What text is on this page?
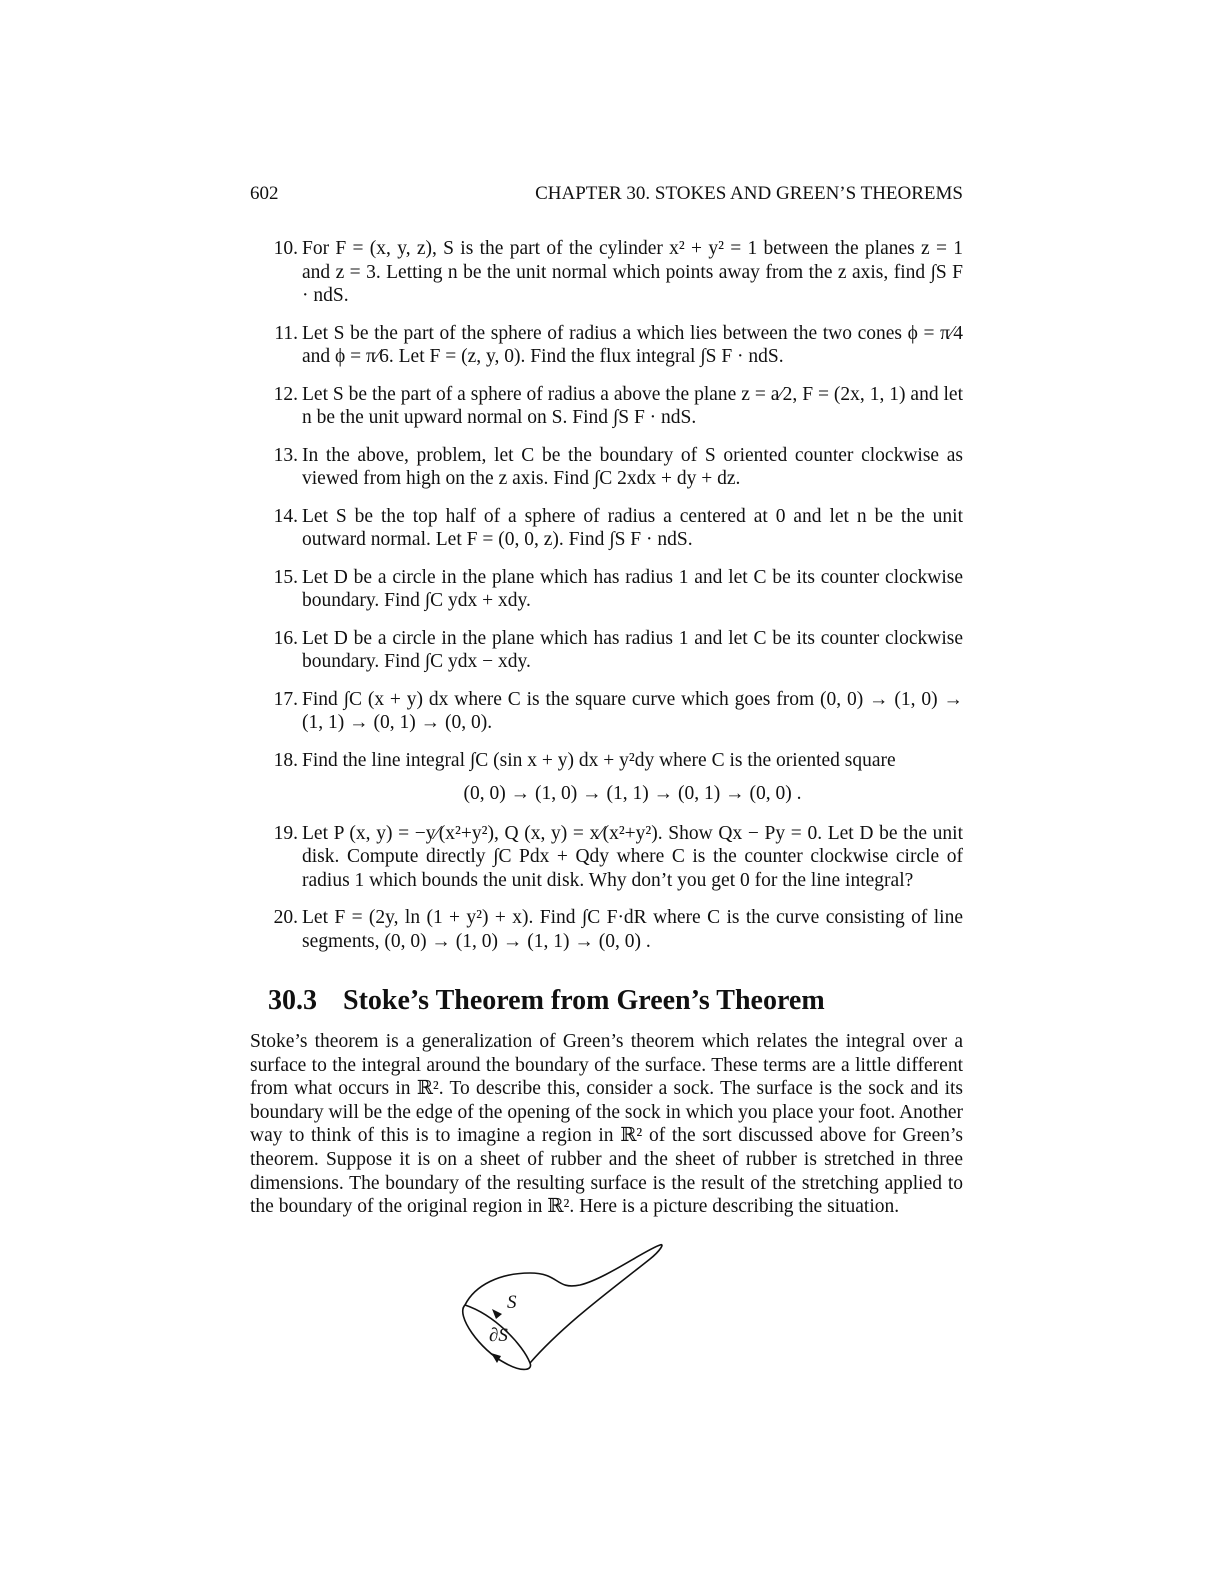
602	CHAPTER 30. STOKES AND GREEN’S THEOREMS
10. For F = (x, y, z), S is the part of the cylinder x² + y² = 1 between the planes z = 1 and z = 3. Letting n be the unit normal which points away from the z axis, find ∫S F · ndS.
11. Let S be the part of the sphere of radius a which lies between the two cones ϕ = π⁄4 and ϕ = π⁄6. Let F = (z, y, 0). Find the flux integral ∫S F · ndS.
12. Let S be the part of a sphere of radius a above the plane z = a⁄2, F = (2x, 1, 1) and let n be the unit upward normal on S. Find ∫S F · ndS.
13. In the above, problem, let C be the boundary of S oriented counter clockwise as viewed from high on the z axis. Find ∫C 2xdx + dy + dz.
14. Let S be the top half of a sphere of radius a centered at 0 and let n be the unit outward normal. Let F = (0, 0, z). Find ∫S F · ndS.
15. Let D be a circle in the plane which has radius 1 and let C be its counter clockwise boundary. Find ∫C ydx + xdy.
16. Let D be a circle in the plane which has radius 1 and let C be its counter clockwise boundary. Find ∫C ydx − xdy.
17. Find ∫C (x + y) dx where C is the square curve which goes from (0, 0) → (1, 0) → (1, 1) → (0, 1) → (0, 0).
18. Find the line integral ∫C (sin x + y) dx + y²dy where C is the oriented square
(0, 0) → (1, 0) → (1, 1) → (0, 1) → (0, 0) .
19. Let P (x, y) = −y⁄(x²+y²), Q (x, y) = x⁄(x²+y²). Show Qx − Py = 0. Let D be the unit disk. Compute directly ∫C Pdx + Qdy where C is the counter clockwise circle of radius 1 which bounds the unit disk. Why don’t you get 0 for the line integral?
20. Let F = (2y, ln (1 + y²) + x). Find ∫C F·dR where C is the curve consisting of line segments, (0, 0) → (1, 0) → (1, 1) → (0, 0) .
30.3 Stoke’s Theorem from Green’s Theorem
Stoke’s theorem is a generalization of Green’s theorem which relates the integral over a surface to the integral around the boundary of the surface. These terms are a little different from what occurs in ℝ². To describe this, consider a sock. The surface is the sock and its boundary will be the edge of the opening of the sock in which you place your foot. Another way to think of this is to imagine a region in ℝ² of the sort discussed above for Green’s theorem. Suppose it is on a sheet of rubber and the sheet of rubber is stretched in three dimensions. The boundary of the resulting surface is the result of the stretching applied to the boundary of the original region in ℝ². Here is a picture describing the situation.
S
∂S
